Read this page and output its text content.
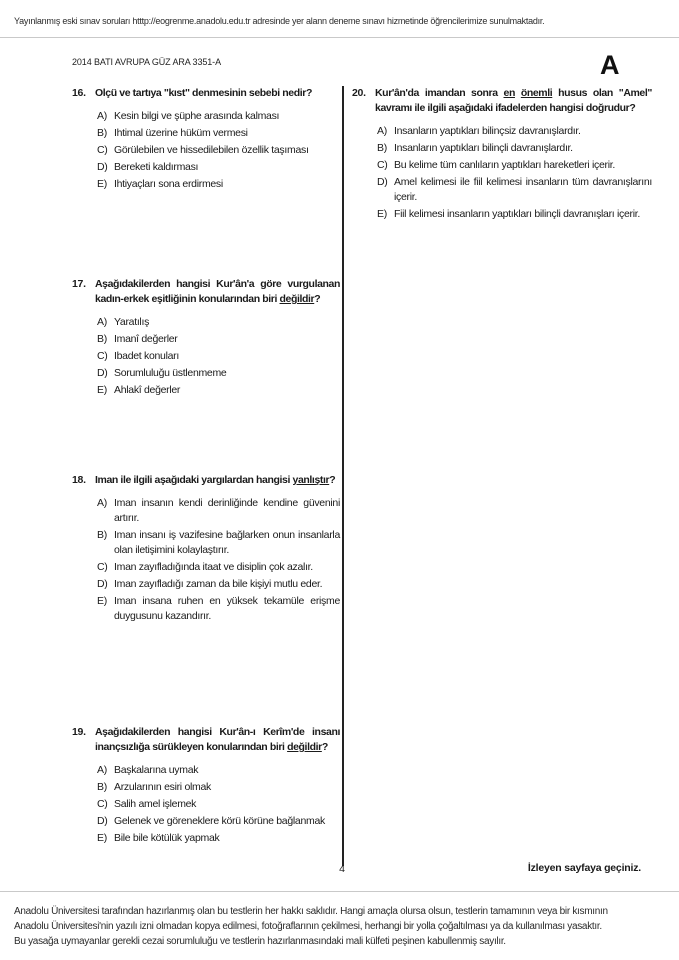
Yayınlanmış eski sınav soruları htttp://eogrenme.anadolu.edu.tr adresinde yer alann deneme sınavı hizmetinde öğrencilerimize sunulmaktadır.
2014 BATI AVRUPA GÜZ ARA 3351-A	A
16. Olçü ve tartıya "kıst" denmesinin sebebi nedir?

A) Kesin bilgi ve şüphe arasında kalması
B) Ihtimal üzerine hüküm vermesi
C) Görülebilen ve hissedilebilen özellik taşıması
D) Bereketi kaldırması
E) Ihtiyaçları sona erdirmesi
17. Aşağıdakilerden hangisi Kur'ân'a göre vurgulanan kadın-erkek eşitliğinin konularından biri değildir?

A) Yaratılış
B) Imanî değerler
C) Ibadet konuları
D) Sorumluluğu üstlenmeme
E) Ahlakî değerler
18. Iman ile ilgili aşağıdaki yargılardan hangisi yanlıştır?

A) Iman insanın kendi derinliğinde kendine güvenini artırır.
B) Iman insanı iş vazifesine bağlarken onun insanlarla olan iletişimini kolaylaştırır.
C) Iman zayıfladığında itaat ve disiplin çok azalır.
D) Iman zayıfladığı zaman da bile kişiyi mutlu eder.
E) Iman insana ruhen en yüksek tekamüle erişme duygusunu kazandırır.
19. Aşağıdakilerden hangisi Kur'ân-ı Kerîm'de insanı inançsızlığa sürükleyen konularından biri değildir?

A) Başkalarına uymak
B) Arzularının esiri olmak
C) Salih amel işlemek
D) Gelenek ve göreneklere körü körüne bağlanmak
E) Bile bile kötülük yapmak
20. Kur'ân'da imandan sonra en önemli husus olan "Amel" kavramı ile ilgili aşağıdaki ifadelerden hangisi doğrudur?

A) Insanların yaptıkları bilinçsiz davranışlardır.
B) Insanların yaptıkları bilinçli davranışlardır.
C) Bu kelime tüm canlıların yaptıkları hareketleri içerir.
D) Amel kelimesi ile fiil kelimesi insanların tüm davranışlarını içerir.
E) Fiil kelimesi insanların yaptıkları bilinçli davranışları içerir.
4	İzleyen sayfaya geçiniz.
Anadolu Üniversitesi tarafından hazırlanmış olan bu testlerin her hakkı saklıdır. Hangi amaçla olursa olsun, testlerin tamamının veya bir kısmının
Anadolu Üniversitesi'nin yazılı izni olmadan kopya edilmesi, fotoğraflarının çekilmesi, herhangi bir yolla çoğaltılması ya da kullanılması yasaktır.
Bu yasağa uymayanlar gerekli cezai sorumluluğu ve testlerin hazırlanmasındaki mali külfeti peşinen kabullenmiş sayılır.
